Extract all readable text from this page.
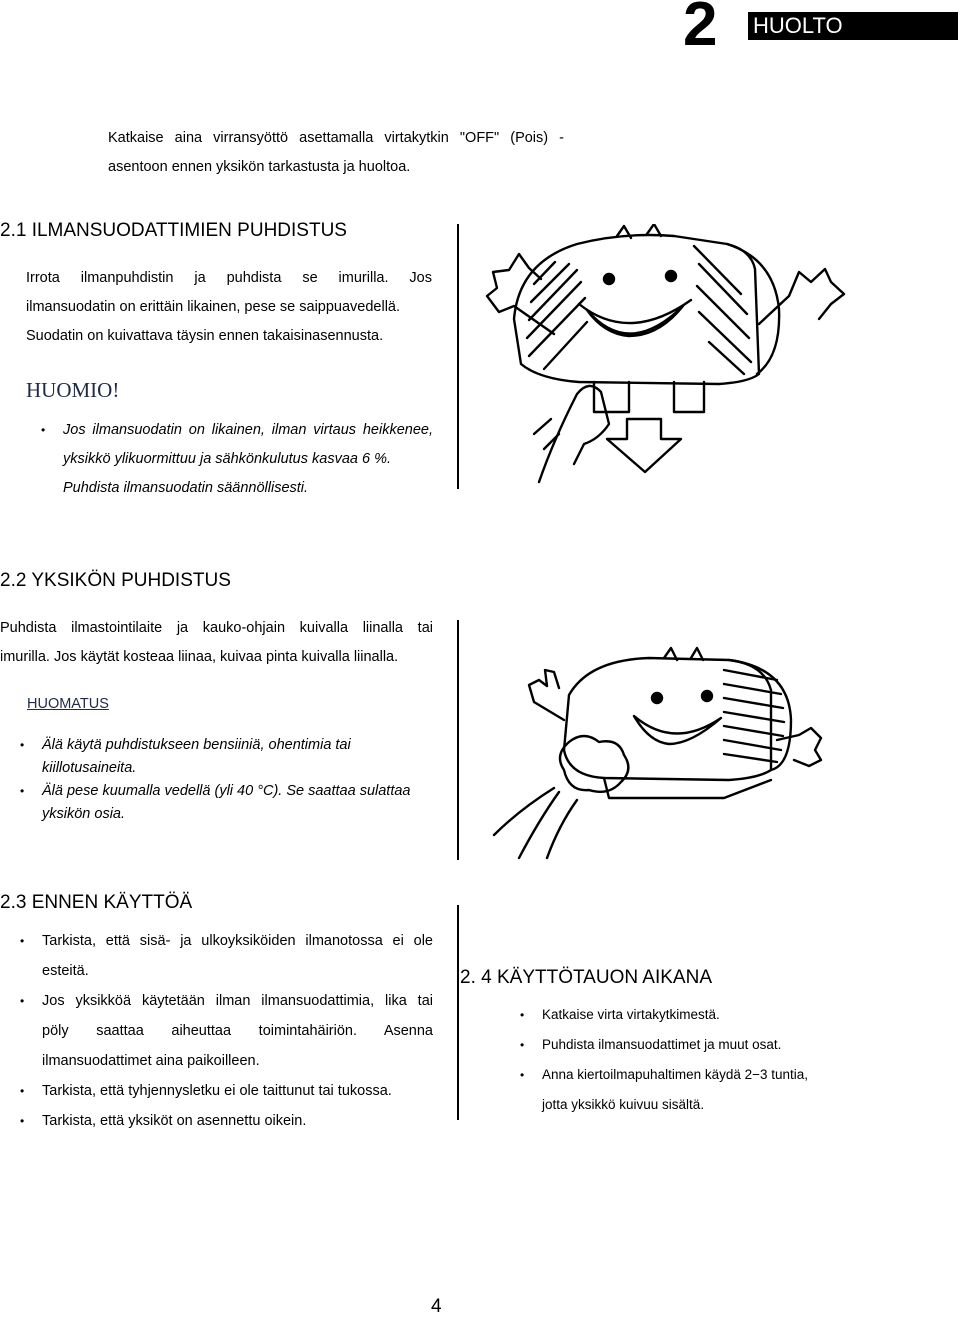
2 HUOLTO
Katkaise aina virransyöttö asettamalla virtakytkin "OFF" (Pois) -
asentoon ennen yksikön tarkastusta ja huoltoa.
2.1 ILMANSUODATTIMIEN PUHDISTUS
Irrota ilmanpuhdistin ja puhdista se imurilla. Jos
ilmansuodatin on erittäin likainen, pese se saippuavedellä.
Suodatin on kuivattava täysin ennen takaisinasennusta.
HUOMIO!
• Jos ilmansuodatin on likainen, ilman virtaus heikkenee,
yksikkö ylikuormittuu ja sähkönkulutus kasvaa 6 %.
Puhdista ilmansuodatin säännöllisesti.
2.2 YKSIKÖN PUHDISTUS
Puhdista ilmastointilaite ja kauko-ohjain kuivalla liinalla tai
imurilla. Jos käytät kosteaa liinaa, kuivaa pinta kuivalla liinalla.
HUOMATUS
• Älä käytä puhdistukseen bensiiniä, ohentimia tai
kiillotusaineita.
• Älä pese kuumalla vedellä (yli 40 °C). Se saattaa sulattaa
yksikön osia.
2.3 ENNEN KÄYTTÖÄ
• Tarkista, että sisä- ja ulkoyksiköiden ilmanotossa ei ole
esteitä.
• Jos yksikköä käytetään ilman ilmansuodattimia, lika tai
pöly saattaa aiheuttaa toimintahäiriön. Asenna
ilmansuodattimet aina paikoilleen.
• Tarkista, että tyhjennysletku ei ole taittunut tai tukossa.
• Tarkista, että yksiköt on asennettu oikein.
2. 4 KÄYTTÖTAUON AIKANA
• Katkaise virta virtakytkimestä.
• Puhdista ilmansuodattimet ja muut osat.
• Anna kiertoilmapuhaltimen käydä 2−3 tuntia,
jotta yksikkö kuivuu sisältä.
4
